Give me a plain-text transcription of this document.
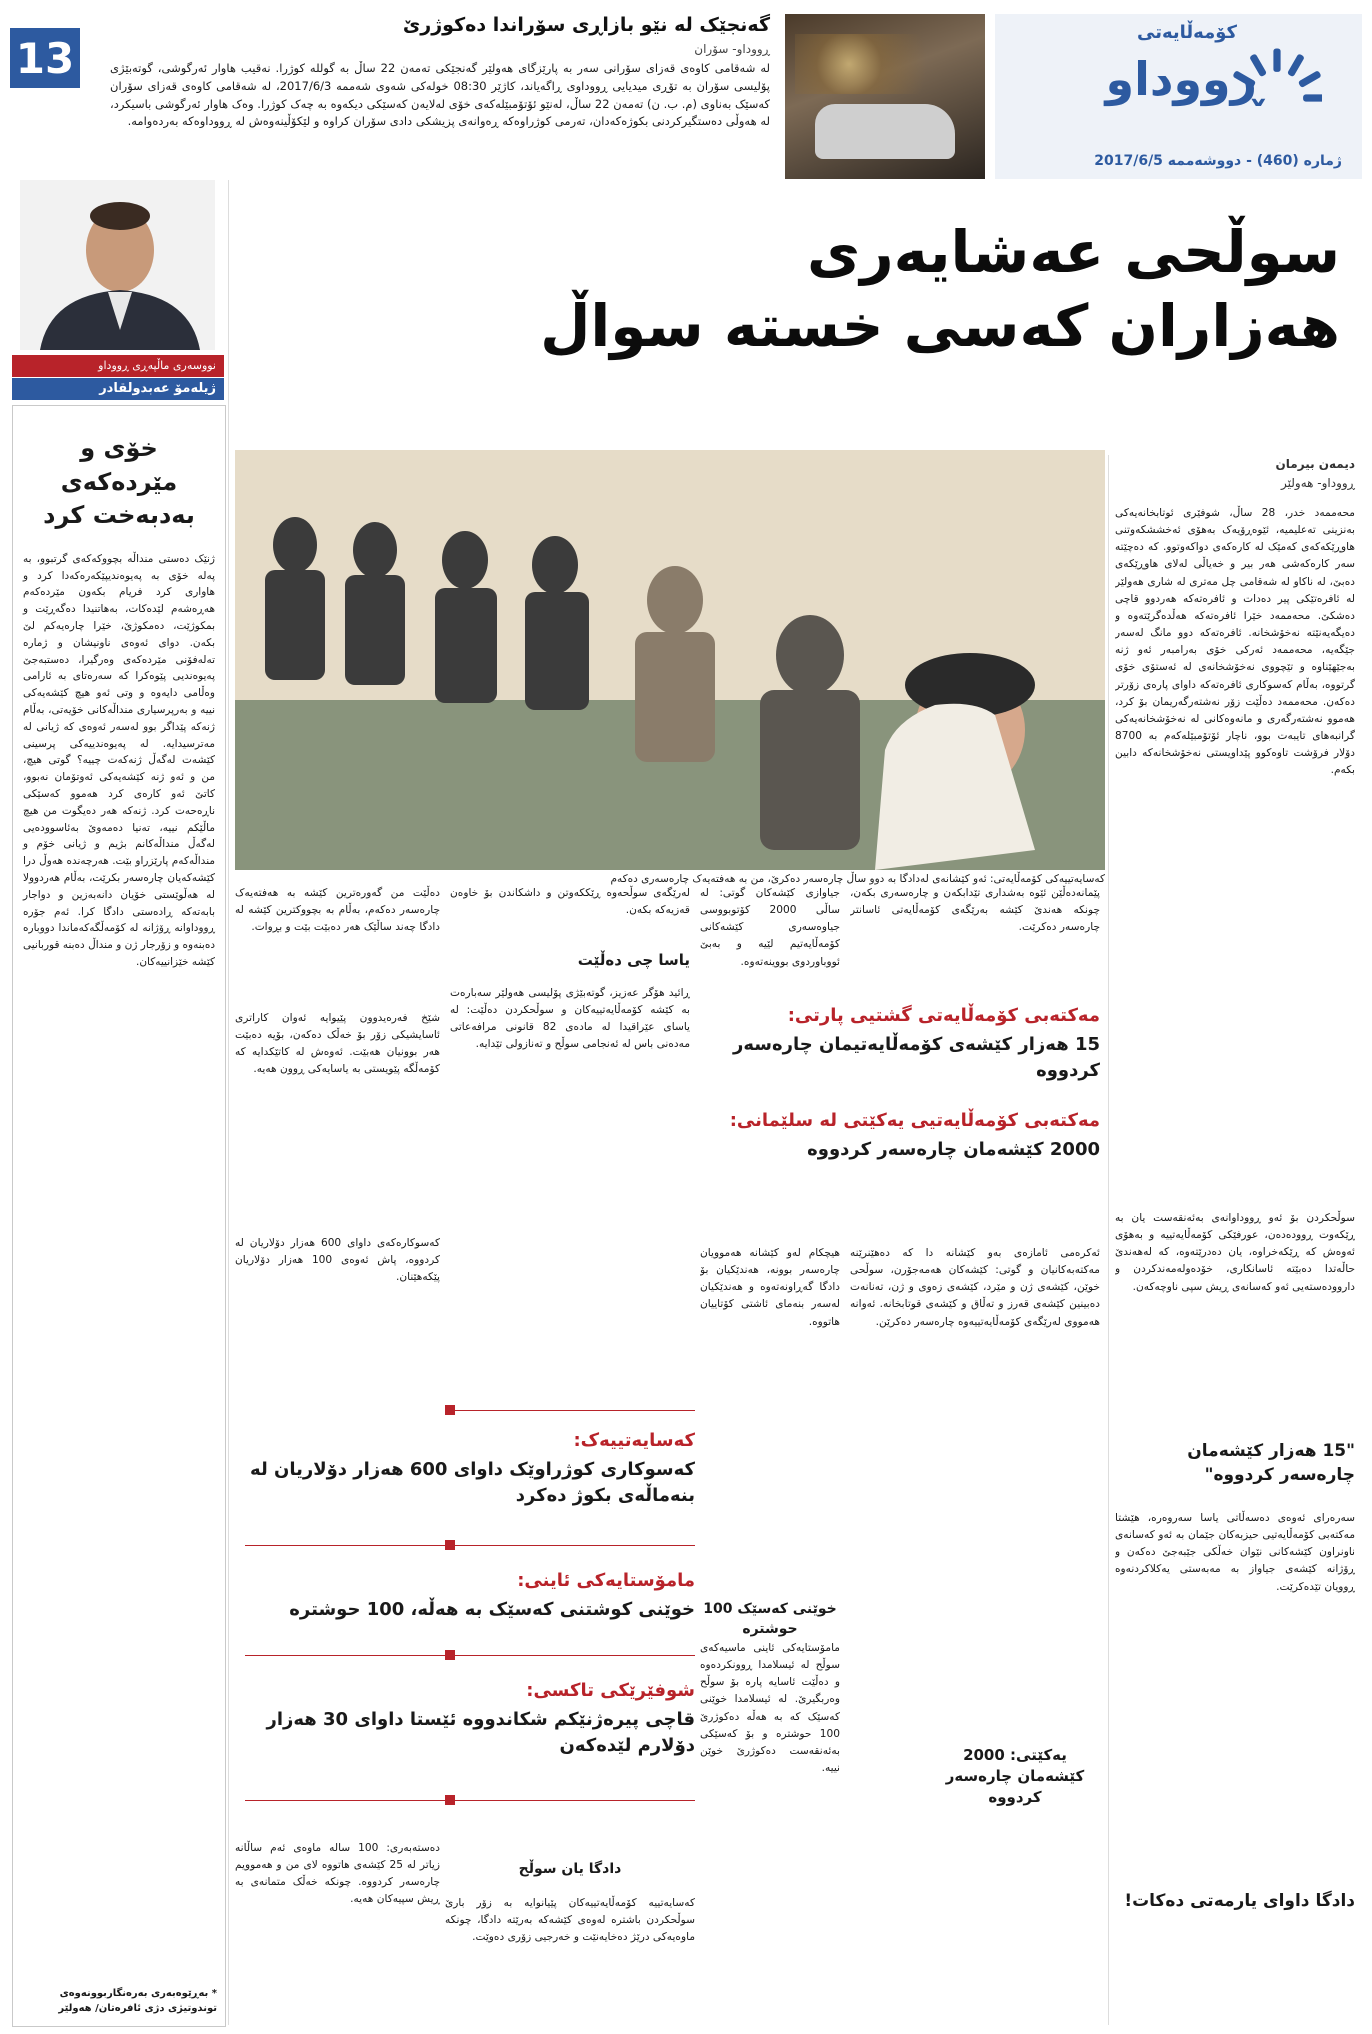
13
گەنجێک لە نێو بازاڕی سۆراندا دەکوژرێ
ڕووداو- سۆران
لە شەقامی کاوەی قەزای سۆرانی سەر بە پارێزگای هەولێر گەنجێکی تەمەن 22 ساڵ بە گوللە کوژرا. نەقیب هاوار ئەرگوشی، گوتەبێژی پۆلیسی سۆران بە تۆڕی میدیایی ڕووداوی ڕاگەیاند، کاژێر 08:30 خولەکی شەوی شەممە 2017/6/3، لە شەقامی کاوەی قەزای سۆران کەسێک بەناوی (م. ب. ن) تەمەن 22 ساڵ، لەنێو ئۆتۆمبێلەکەی خۆی لەلایەن کەسێکی دیکەوە بە چەک کوژرا. وەک هاوار ئەرگوشی باسیکرد، لە هەوڵی دەستگیرکردنی بکوژەکەدان، تەرمی کوژراوەکە ڕەوانەی پزیشکی دادی سۆران کراوە و لێکۆڵینەوەش لە ڕووداوەکە بەردەوامە.
کۆمەڵایەتی
ڕووداو
ژمارە (460) - دووشەممە 2017/6/5
سوڵحی عەشایەری
هەزاران کەسی خستە سواڵ
نووسەری ماڵپەڕی ڕووداو
ژیلەمۆ عەبدولقادر
خۆی و مێردەکەی بەدبەخت کرد
ژنێک دەستی منداڵە بچووکەکەی گرتبوو، بە پەلە خۆی بە پەیوەندیپێکەرەکەدا کرد و هاواری کرد فریام بکەون مێردەکەم هەڕەشەم لێدەکات، بەهاتنیدا دەگەڕێت و بمکوژێت، دەمکوژێ، خێرا چارەیەکم لێ بکەن. دوای ئەوەی ناونیشان و ژمارە تەلەفۆنی مێردەکەی وەرگیرا، دەستبەجێ پەیوەندیی پێوەکرا کە سەرەتای بە ئارامی وەڵامی دایەوە و وتی ئەو هیچ کێشەیەکی نییە و بەرپرسیاری منداڵەکانی خۆیەتی، بەڵام ژنەکە پێداگر بوو لەسەر ئەوەی کە ژیانی لە مەترسیدایە. لە پەیوەندییەکی پرسینی کێشەت لەگەڵ ژنەکەت چییە؟ گوتی هیچ، من و ئەو ژنە کێشەیەکی ئەوتۆمان نەبوو، کاتێ ئەو کارەی کرد هەموو کەسێکی ناڕەحەت کرد. ژنەکە هەر دەیگوت من هیچ ماڵێکم نییە، تەنیا دەمەوێ بەئاسوودەیی لەگەڵ منداڵەکانم بژیم و ژیانی خۆم و منداڵەکەم پارێزراو بێت. هەرچەندە هەوڵ درا کێشەکەیان چارەسەر بکرێت، بەڵام هەردوولا لە هەڵوێستی خۆیان دانەبەزین و دواجار بابەتەکە ڕادەستی دادگا کرا. ئەم جۆرە ڕووداوانە ڕۆژانە لە کۆمەڵگەکەماندا دووبارە دەبنەوە و زۆرجار ژن و منداڵ دەبنە قوربانیی کێشە خێزانییەکان.
* بەڕێوەبەری بەرەنگاربوونەوەی توندوتیژی دژی ئافرەتان/ هەولێر
کەسایەتییەکی کۆمەڵایەتی: ئەو کێشانەی لەدادگا بە دوو ساڵ چارەسەر دەکرێ، من بە هەفتەیەک چارەسەری دەکەم
دیمەن بیرمان
ڕووداو- هەولێر
محەممەد خدر، 28 ساڵ، شوفێری ئوتابخانەیەکی بەنزینی تەعلیمیە، ئێوەڕۆیەک بەهۆی ئەخششکەوتنی هاوڕێکەکەی کەمێک لە کارەکەی دواکەوتوو. کە دەچێتە سەر کارەکەشی هەر بیر و خەیاڵی لەلای هاوڕێکەی دەبێ، لە ناکاو لە شەقامی چل مەتری لە شاری هەولێر لە ئافرەتێکی پیر دەدات و ئافرەتەکە هەردوو قاچی دەشکێ. محەممەد خێرا ئافرەتەکە هەڵدەگرێتەوە و دەیگەیەنێتە نەخۆشخانە. ئافرەتەکە دوو مانگ لەسەر جێگەیە، محەممەد ئەرکی خۆی بەرامبەر ئەو ژنە بەجێهێناوە و تێچووی نەخۆشخانەی لە ئەستۆی خۆی گرتووە، بەڵام کەسوکاری ئافرەتەکە داوای پارەی زۆرتر دەکەن. محەممەد دەڵێت زۆر نەشتەرگەریمان بۆ کرد، هەموو نەشتەرگەری و مانەوەکانی لە نەخۆشخانەیەکی گرانبەهای تایبەت بوو، ناچار ئۆتۆمبێلەکەم بە 8700 دۆلار فرۆشت تاوەکوو پێداویستی نەخۆشخانەکە دابین بکەم.
سوڵحکردن بۆ ئەو ڕووداوانەی بەئەنقەست یان بە ڕێکەوت ڕوودەدەن، عورفێکی کۆمەڵایەتییە و بەهۆی ئەوەش کە ڕێکەخراوە، یان دەدرێتەوە، کە لەهەندێ حاڵەتدا دەبێتە ئاسانکاری، خۆدەولەمەندکردن و داروودەستەیی ئەو کەسانەی ڕیش سپی ناوچەکەن.
"15 هەزار کێشەمان چارەسەر کردووە"
سەرەرای ئەوەی دەسەڵاتی یاسا سەروەرە، هێشتا مەکتەبی کۆمەڵایەتیی حیزبەکان جێمان بە ئەو کەسانەی ناونراون کێشەکانی نێوان خەڵکی جێبەجێ دەکەن و ڕۆژانە کێشەی جیاواز بە مەبەستی یەکلاکردنەوە ڕوویان تێدەکرێت.
دادگا داوای یارمەتی دەکات!
مەکتەبی کۆمەڵایەتی گشتیی پارتی:
15 هەزار کێشەی کۆمەڵایەتیمان چارەسەر کردووە
مەکتەبی کۆمەڵایەتیی یەکێتی لە سلێمانی:
2000 کێشەمان چارەسەر کردووە
پێمانەدەڵێن ئێوە بەشداری تێدابکەن و چارەسەری بکەن، چونکە هەندێ کێشە بەرێگەی کۆمەڵایەتی ئاسانتر چارەسەر دەکرێت.
جیاوازی کێشەکان گوتی: لە ساڵی 2000 کۆتوبووسی جیاوەسەری کێشەکانی کۆمەڵایەتیم لێیە و بەبێ ئووباوردوی بووینەتەوە.
لەرێگەی سوڵحەوە ڕێککەوتن و داشکاندن بۆ خاوەن قەزیەکە بکەن.
یاسا چی دەڵێت
ڕائید هۆگر عەزیز، گوتەبێژی پۆلیسی هەولێر سەبارەت بە کێشە کۆمەڵایەتییەکان و سوڵحکردن دەڵێت: لە یاسای عێراقیدا لە مادەی 82 قانونی مرافەعاتی مەدەنی باس لە ئەنجامی سوڵح و تەنازولی تێدایە.
دەڵێت من گەورەترین کێشە بە هەفتەیەک چارەسەر دەکەم، بەڵام بە بچووکترین کێشە لە دادگا چەند ساڵێک هەر دەبێت بێت و بڕوات.
شێخ فەرەیدوون پێیوایە ئەوان کاراتری ئاسایشیکی زۆر بۆ خەڵک دەکەن، بۆیە دەبێت هەر بوونیان هەبێت. ئەوەش لە کاتێکدایە کە کۆمەڵگە پێویستی بە یاسایەکی ڕوون هەیە.
کەسوکارەکەی داوای 600 هەزار دۆلاریان لە کردووە، پاش ئەوەی 100 هەزار دۆلاریان پێکەهێنان.
ئەکرەمی ئامازەی بەو کێشانە دا کە دەهێنرێنە مەکتەبەکانیان و گوتی: کێشەکان هەمەجۆرن، سوڵحی خوێن، کێشەی ژن و مێرد، کێشەی زەوی و ژن، تەنانەت دەبینین کێشەی قەرز و تەڵاق و کێشەی قوتابخانە. ئەوانە هەمووی لەرێگەی کۆمەڵایەتییەوە چارەسەر دەکرێن.
هیچکام لەو کێشانە هەموویان چارەسەر بوونە، هەندێکیان بۆ دادگا گەڕاونەتەوە و هەندێکیان لەسەر بنەمای ئاشتی کۆتاییان هاتووە.
یەکێتی: 2000 کێشەمان چارەسەر کردووە
خوێنی کەسێک 100 حوشترە
مامۆستایەکی ئاینی ماسیەکەی سوڵح لە ئیسلامدا ڕوونکردەوە و دەڵێت ئاسایە پارە بۆ سوڵح وەربگیرێ. لە ئیسلامدا خوێنی کەسێک کە بە هەڵە دەکوژرێ 100 حوشترە و بۆ کەسێکی بەئەنقەست دەکوژرێ خوێن نییە.
دادگا یان سوڵح
کەسایەتییە کۆمەڵایەتییەکان پێیانوایە بە زۆر بارێ سوڵحکردن باشترە لەوەی کێشەکە بەرێتە دادگا، چونکە ماوەیەکی درێژ دەخایەنێت و خەرجیی زۆری دەوێت.
دەستەبەری: 100 سالە ماوەی ئەم ساڵانە زیاتر لە 25 کێشەی هاتووە لای من و هەموویم چارەسەر کردووە. چونکە خەڵک متمانەی بە ڕیش سپیەکان هەیە.
کەسایەتییەک:
کەسوکاری کوژراوێک داوای 600 هەزار دۆلاریان لە بنەماڵەی بکوژ دەکرد
مامۆستایەکی ئاینی:
خوێنی کوشتنی کەسێک بە هەڵە، 100 حوشترە
شوفێرێکی تاکسی:
قاچی پیرەژنێکم شکاندووە ئێستا داوای 30 هەزار دۆلارم لێدەکەن
